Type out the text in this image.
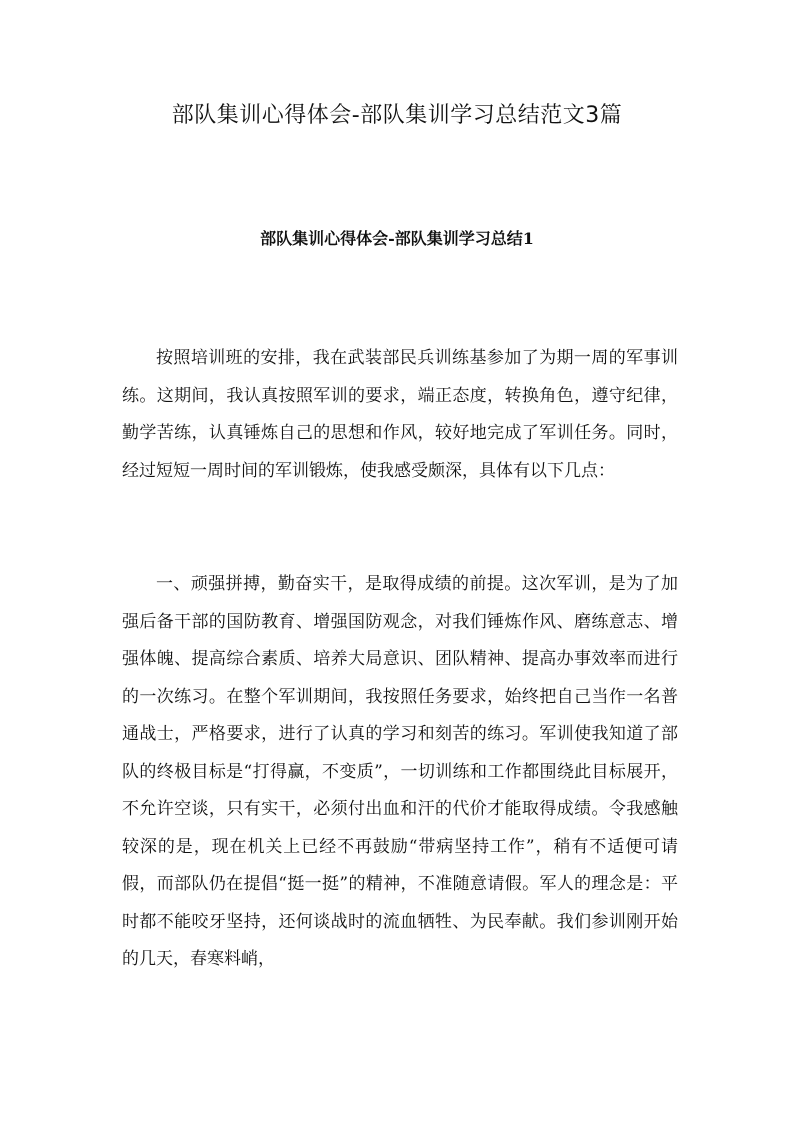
部队集训心得体会-部队集训学习总结范文3篇
部队集训心得体会-部队集训学习总结1

按照培训班的安排，我在武装部民兵训练基参加了为期一周的军事训练。这期间，我认真按照军训的要求，端正态度，转换角色，遵守纪律，勤学苦练，认真锤炼自己的思想和作风，较好地完成了军训任务。同时，经过短短一周时间的军训锻炼，使我感受颇深，具体有以下几点：

一、顽强拼搏，勤奋实干，是取得成绩的前提。这次军训，是为了加强后备干部的国防教育、增强国防观念，对我们锤炼作风、磨练意志、增强体魄、提高综合素质、培养大局意识、团队精神、提高办事效率而进行的一次练习。在整个军训期间，我按照任务要求，始终把自己当作一名普通战士，严格要求，进行了认真的学习和刻苦的练习。军训使我知道了部队的终极目标是“打得赢，不变质”，一切训练和工作都围绕此目标展开，不允许空谈，只有实干，必须付出血和汗的代价才能取得成绩。令我感触较深的是，现在机关上已经不再鼓励“带病坚持工作”，稍有不适便可请假，而部队仍在提倡“挺一挺”的精神，不准随意请假。军人的理念是：平时都不能咬牙坚持，还何谈战时的流血牺牲、为民奉献。我们参训刚开始的几天，春寒料峭，
